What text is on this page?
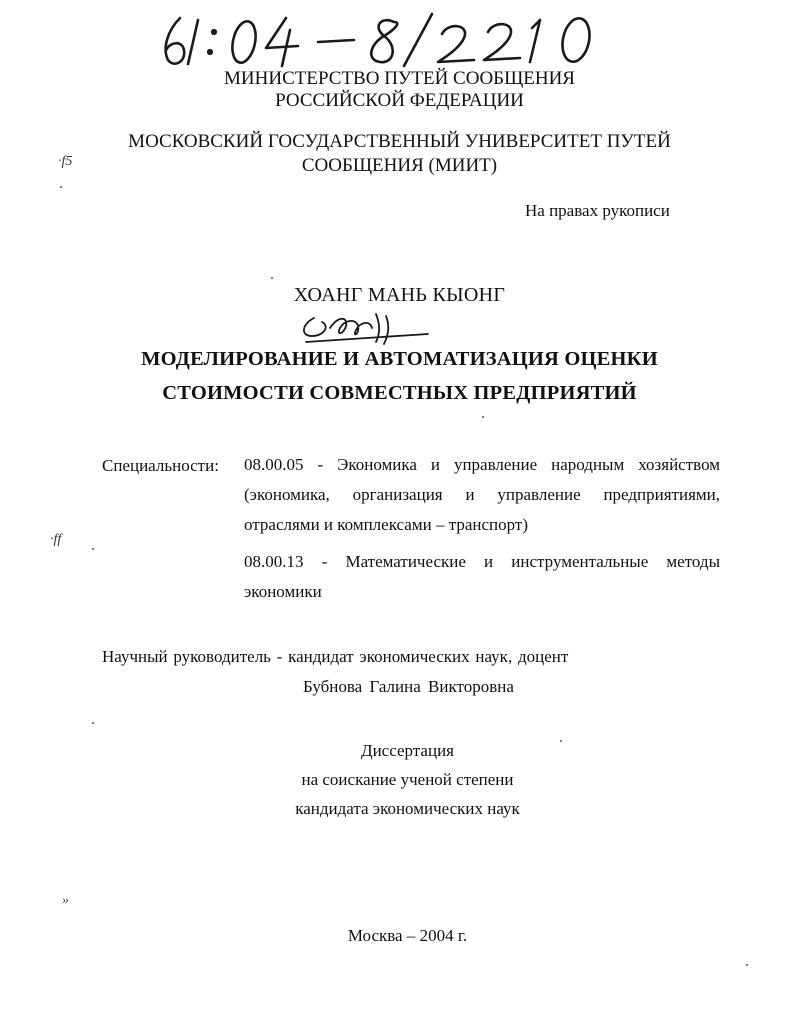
МИНИСТЕРСТВО ПУТЕЙ СООБЩЕНИЯ
РОССИЙСКОЙ ФЕДЕРАЦИИ
МОСКОВСКИЙ ГОСУДАРСТВЕННЫЙ УНИВЕРСИТЕТ ПУТЕЙ
СООБЩЕНИЯ (МИИТ)
На правах рукописи
ХОАНГ МАНЬ КЫОНГ
МОДЕЛИРОВАНИЕ И АВТОМАТИЗАЦИЯ ОЦЕНКИ
СТОИМОСТИ СОВМЕСТНЫХ ПРЕДПРИЯТИЙ
Специальности: 08.00.05 - Экономика и управление народным хозяйством
(экономика, организация и управление предприятиями,
отраслями и комплексами – транспорт)
08.00.13 - Математические и инструментальные методы
экономики
Научный руководитель - кандидат экономических наук, доцент
Бубнова Галина Викторовна
Диссертация
на соискание ученой степени
кандидата экономических наук
Москва – 2004 г.
·f5
·ff
»
